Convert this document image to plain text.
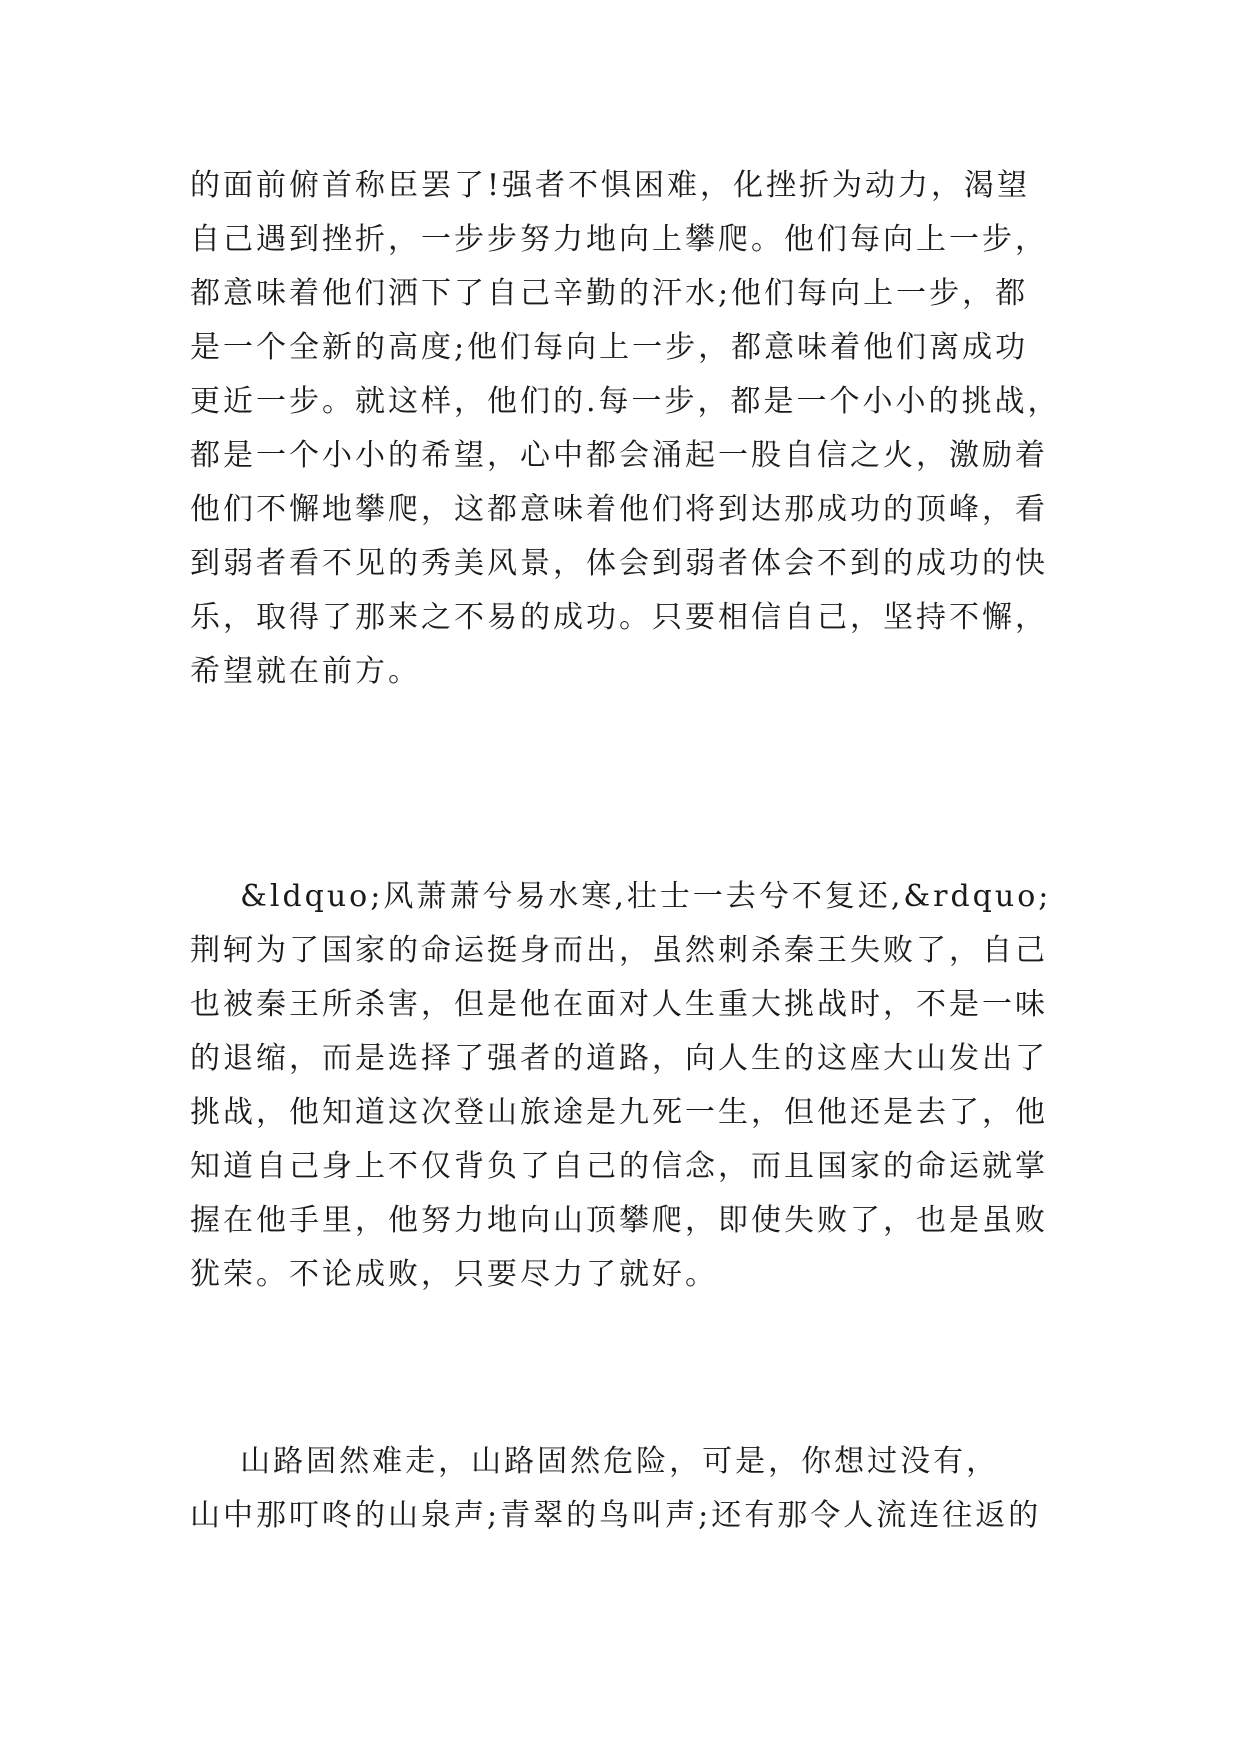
的面前俯首称臣罢了!强者不惧困难，化挫折为动力，渴望
自己遇到挫折，一步步努力地向上攀爬。他们每向上一步，
都意味着他们洒下了自己辛勤的汗水;他们每向上一步，都
是一个全新的高度;他们每向上一步，都意味着他们离成功
更近一步。就这样，他们的.每一步，都是一个小小的挑战，
都是一个小小的希望，心中都会涌起一股自信之火，激励着
他们不懈地攀爬，这都意味着他们将到达那成功的顶峰，看
到弱者看不见的秀美风景，体会到弱者体会不到的成功的快
乐，取得了那来之不易的成功。只要相信自己，坚持不懈，
希望就在前方。
&ldquo;风萧萧兮易水寒,壮士一去兮不复还,&rdquo;
荆轲为了国家的命运挺身而出，虽然刺杀秦王失败了，自己
也被秦王所杀害，但是他在面对人生重大挑战时，不是一味
的退缩，而是选择了强者的道路，向人生的这座大山发出了
挑战，他知道这次登山旅途是九死一生，但他还是去了，他
知道自己身上不仅背负了自己的信念，而且国家的命运就掌
握在他手里，他努力地向山顶攀爬，即使失败了，也是虽败
犹荣。不论成败，只要尽力了就好。
山路固然难走，山路固然危险，可是，你想过没有，
山中那叮咚的山泉声;青翠的鸟叫声;还有那令人流连往返的
